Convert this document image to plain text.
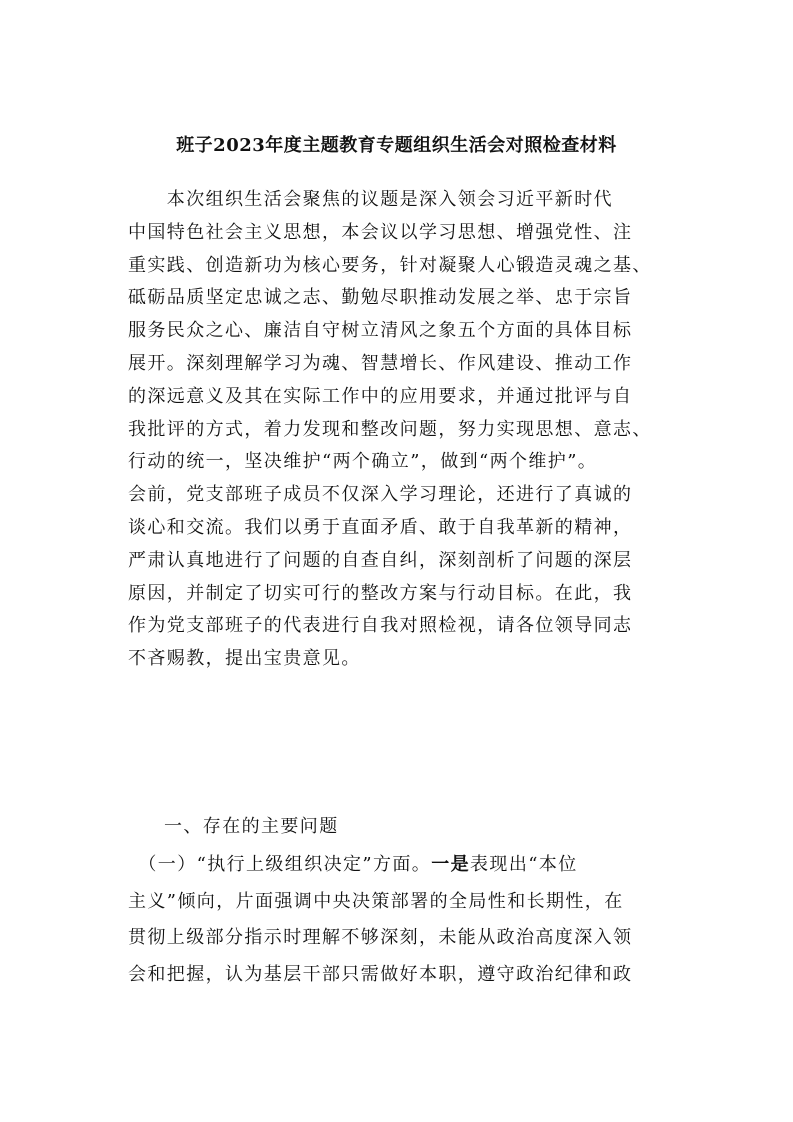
班子2023年度主题教育专题组织生活会对照检查材料
　　本次组织生活会聚焦的议题是深入领会习近平新时代
中国特色社会主义思想，本会议以学习思想、增强党性、注
重实践、创造新功为核心要务，针对凝聚人心锻造灵魂之基、
砥砺品质坚定忠诚之志、勤勉尽职推动发展之举、忠于宗旨
服务民众之心、廉洁自守树立清风之象五个方面的具体目标
展开。深刻理解学习为魂、智慧增长、作风建设、推动工作
的深远意义及其在实际工作中的应用要求，并通过批评与自
我批评的方式，着力发现和整改问题，努力实现思想、意志、
行动的统一，坚决维护“两个确立”，做到“两个维护”。
会前，党支部班子成员不仅深入学习理论，还进行了真诚的
谈心和交流。我们以勇于直面矛盾、敢于自我革新的精神，
严肃认真地进行了问题的自查自纠，深刻剖析了问题的深层
原因，并制定了切实可行的整改方案与行动目标。在此，我
作为党支部班子的代表进行自我对照检视，请各位领导同志
不吝赐教，提出宝贵意见。
一、存在的主要问题
　（一）“执行上级组织决定”方面。一是表现出“本位
主义”倾向，片面强调中央决策部署的全局性和长期性，在
贯彻上级部分指示时理解不够深刻，未能从政治高度深入领
会和把握，认为基层干部只需做好本职，遵守政治纪律和政
